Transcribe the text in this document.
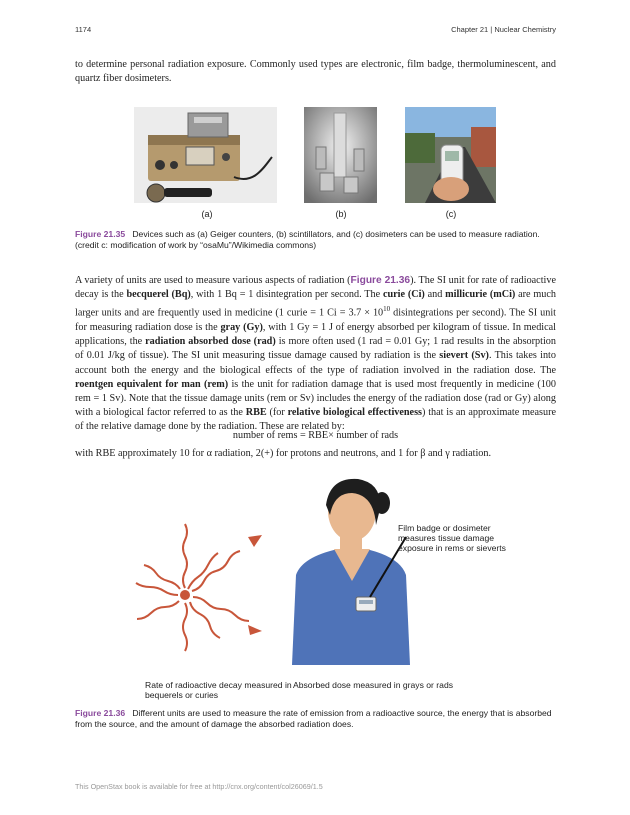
1174	Chapter 21 | Nuclear Chemistry
to determine personal radiation exposure. Commonly used types are electronic, film badge, thermoluminescent, and quartz fiber dosimeters.
(a)	(b)	(c)
Figure 21.35 Devices such as (a) Geiger counters, (b) scintillators, and (c) dosimeters can be used to measure radiation. (credit c: modification of work by “osaMu”/Wikimedia commons)
A variety of units are used to measure various aspects of radiation (Figure 21.36). The SI unit for rate of radioactive decay is the becquerel (Bq), with 1 Bq = 1 disintegration per second. The curie (Ci) and millicurie (mCi) are much larger units and are frequently used in medicine (1 curie = 1 $Ci = 3.7 \times 10^{10}$ disintegrations per second). The SI unit for measuring radiation dose is the gray (Gy), with 1 Gy = 1 J of energy absorbed per kilogram of tissue. In medical applications, the radiation absorbed dose (rad) is more often used (1 rad = 0.01 Gy; 1 rad results in the absorption of 0.01 J/kg of tissue). The SI unit measuring tissue damage caused by radiation is the sievert (Sv). This takes into account both the energy and the biological effects of the type of radiation involved in the radiation dose. The roentgen equivalent for man (rem) is the unit for radiation damage that is used most frequently in medicine (100 rem = 1 Sv). Note that the tissue damage units (rem or Sv) includes the energy of the radiation dose (rad or Gy) along with a biological factor referred to as the RBE (for relative biological effectiveness) that is an approximate measure of the relative damage done by the radiation. These are related by:
number of rems = RBE× number of rads
with RBE approximately 10 for α radiation, 2(+) for protons and neutrons, and 1 for β and γ radiation.
Film badge or dosimeter measures tissue damage exposure in rems or sieverts
Rate of radioactive decay measured in bequerels or curies
Absorbed dose measured in grays or rads
Figure 21.36 Different units are used to measure the rate of emission from a radioactive source, the energy that is absorbed from the source, and the amount of damage the absorbed radiation does.
This OpenStax book is available for free at http://cnx.org/content/col26069/1.5
